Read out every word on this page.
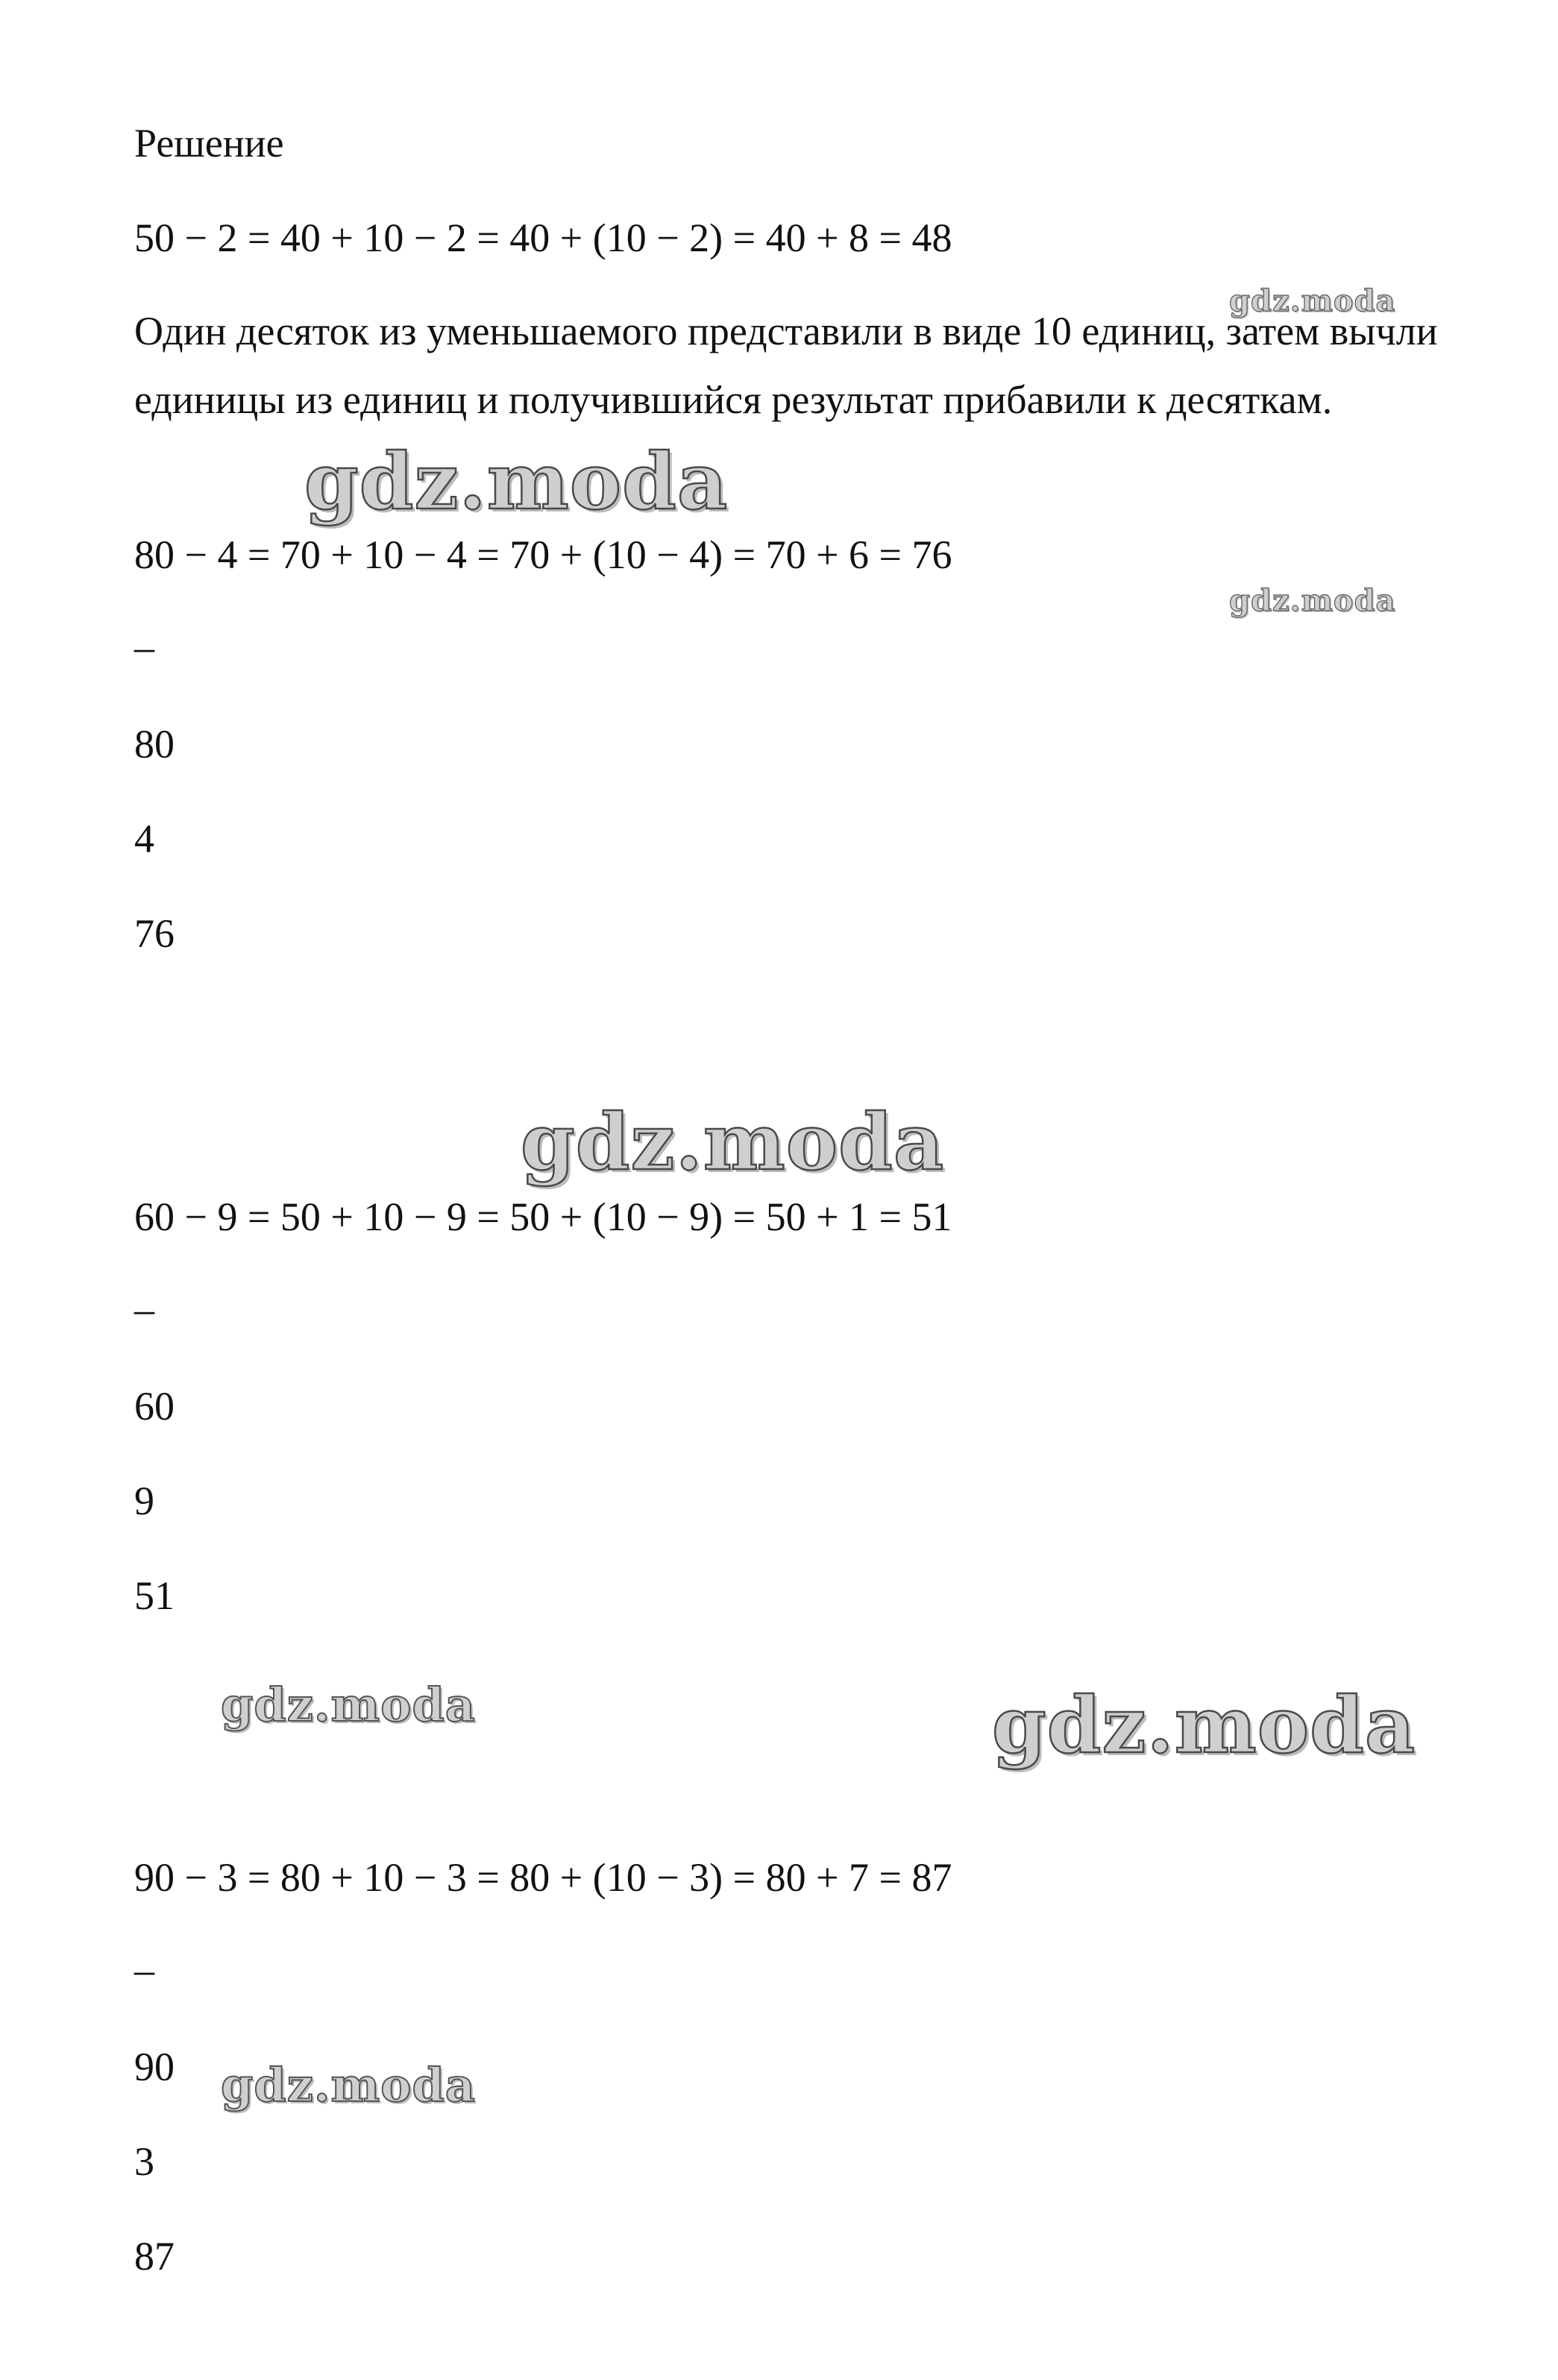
Решение
50 − 2 = 40 + 10 − 2 = 40 + (10 − 2) = 40 + 8 = 48
Один десяток из уменьшаемого представили в виде 10 единиц, затем вычли единицы из единиц и получившийся результат прибавили к десяткам.
80 − 4 = 70 + 10 − 4 = 70 + (10 − 4) = 70 + 6 = 76
–
80
4
76
60 − 9 = 50 + 10 − 9 = 50 + (10 − 9) = 50 + 1 = 51
–
60
9
51
90 − 3 = 80 + 10 − 3 = 80 + (10 − 3) = 80 + 7 = 87
–
90
3
87
gdz.moda
gdz.moda
gdz.moda
gdz.moda
gdz.moda	gdz.moda
gdz.moda
